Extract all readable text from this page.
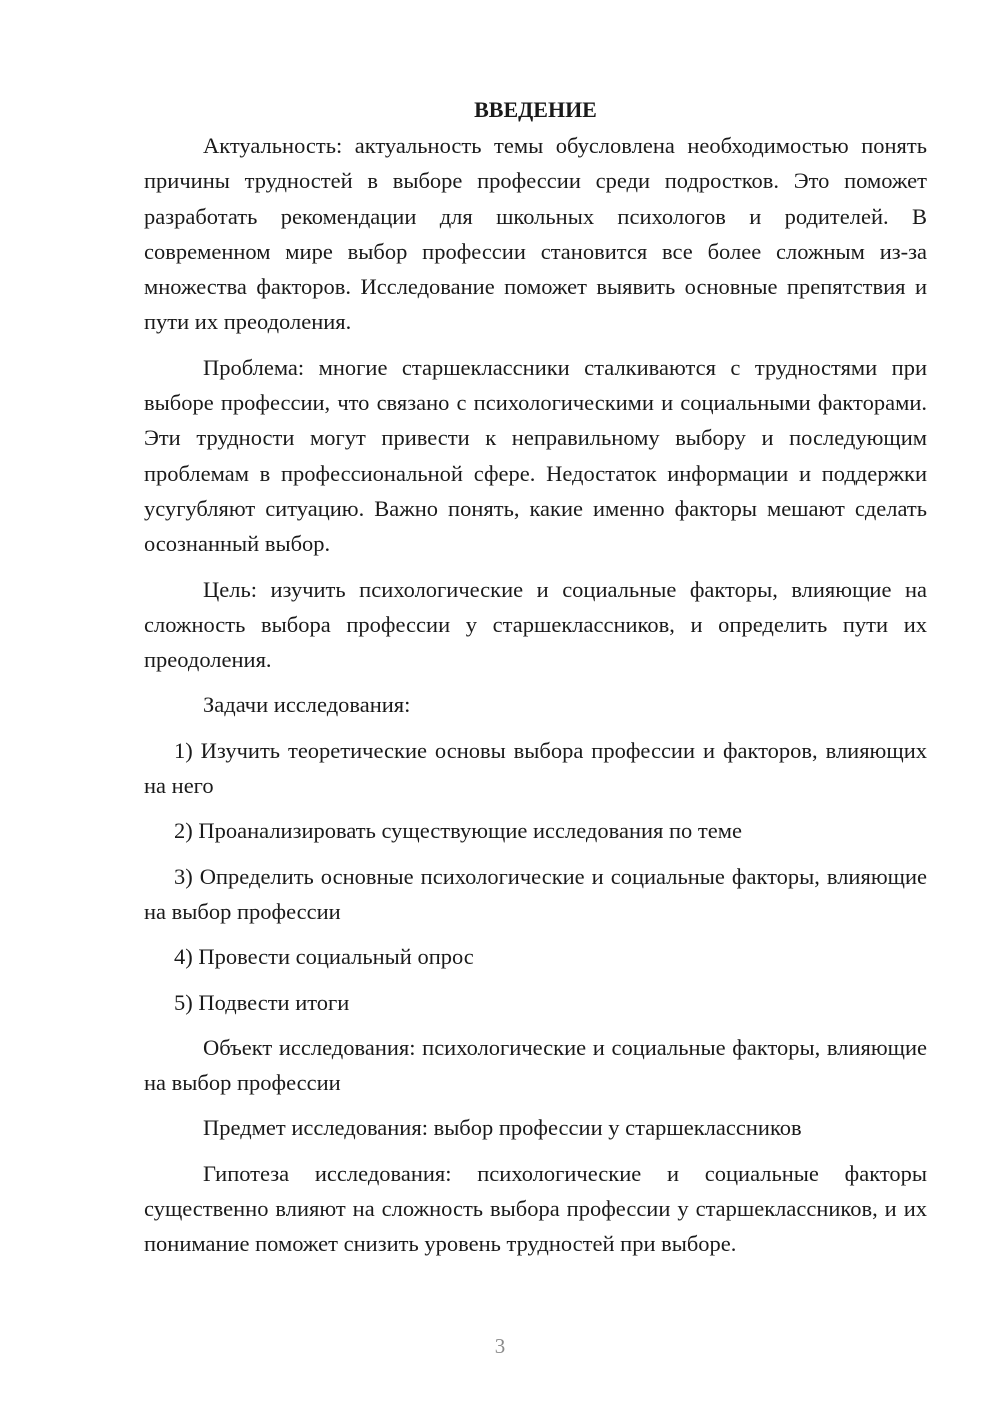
ВВЕДЕНИЕ

Актуальность: актуальность темы обусловлена необходимостью понять причины трудностей в выборе профессии среди подростков. Это поможет разработать рекомендации для школьных психологов и родителей. В современном мире выбор профессии становится все более сложным из-за множества факторов. Исследование поможет выявить основные препятствия и пути их преодоления.

Проблема: многие старшеклассники сталкиваются с трудностями при выборе профессии, что связано с психологическими и социальными факторами. Эти трудности могут привести к неправильному выбору и последующим проблемам в профессиональной сфере. Недостаток информации и поддержки усугубляют ситуацию. Важно понять, какие именно факторы мешают сделать осознанный выбор.

Цель: изучить психологические и социальные факторы, влияющие на сложность выбора профессии у старшеклассников, и определить пути их преодоления.

Задачи исследования:

1) Изучить теоретические основы выбора профессии и факторов, влияющих на него

2) Проанализировать существующие исследования по теме

3) Определить основные психологические и социальные факторы, влияющие на выбор профессии

4) Провести социальный опрос

5) Подвести итоги

Объект исследования: психологические и социальные факторы, влияющие на выбор профессии

Предмет исследования: выбор профессии у старшеклассников

Гипотеза исследования: психологические и социальные факторы существенно влияют на сложность выбора профессии у старшеклассников, и их понимание поможет снизить уровень трудностей при выборе.

3
